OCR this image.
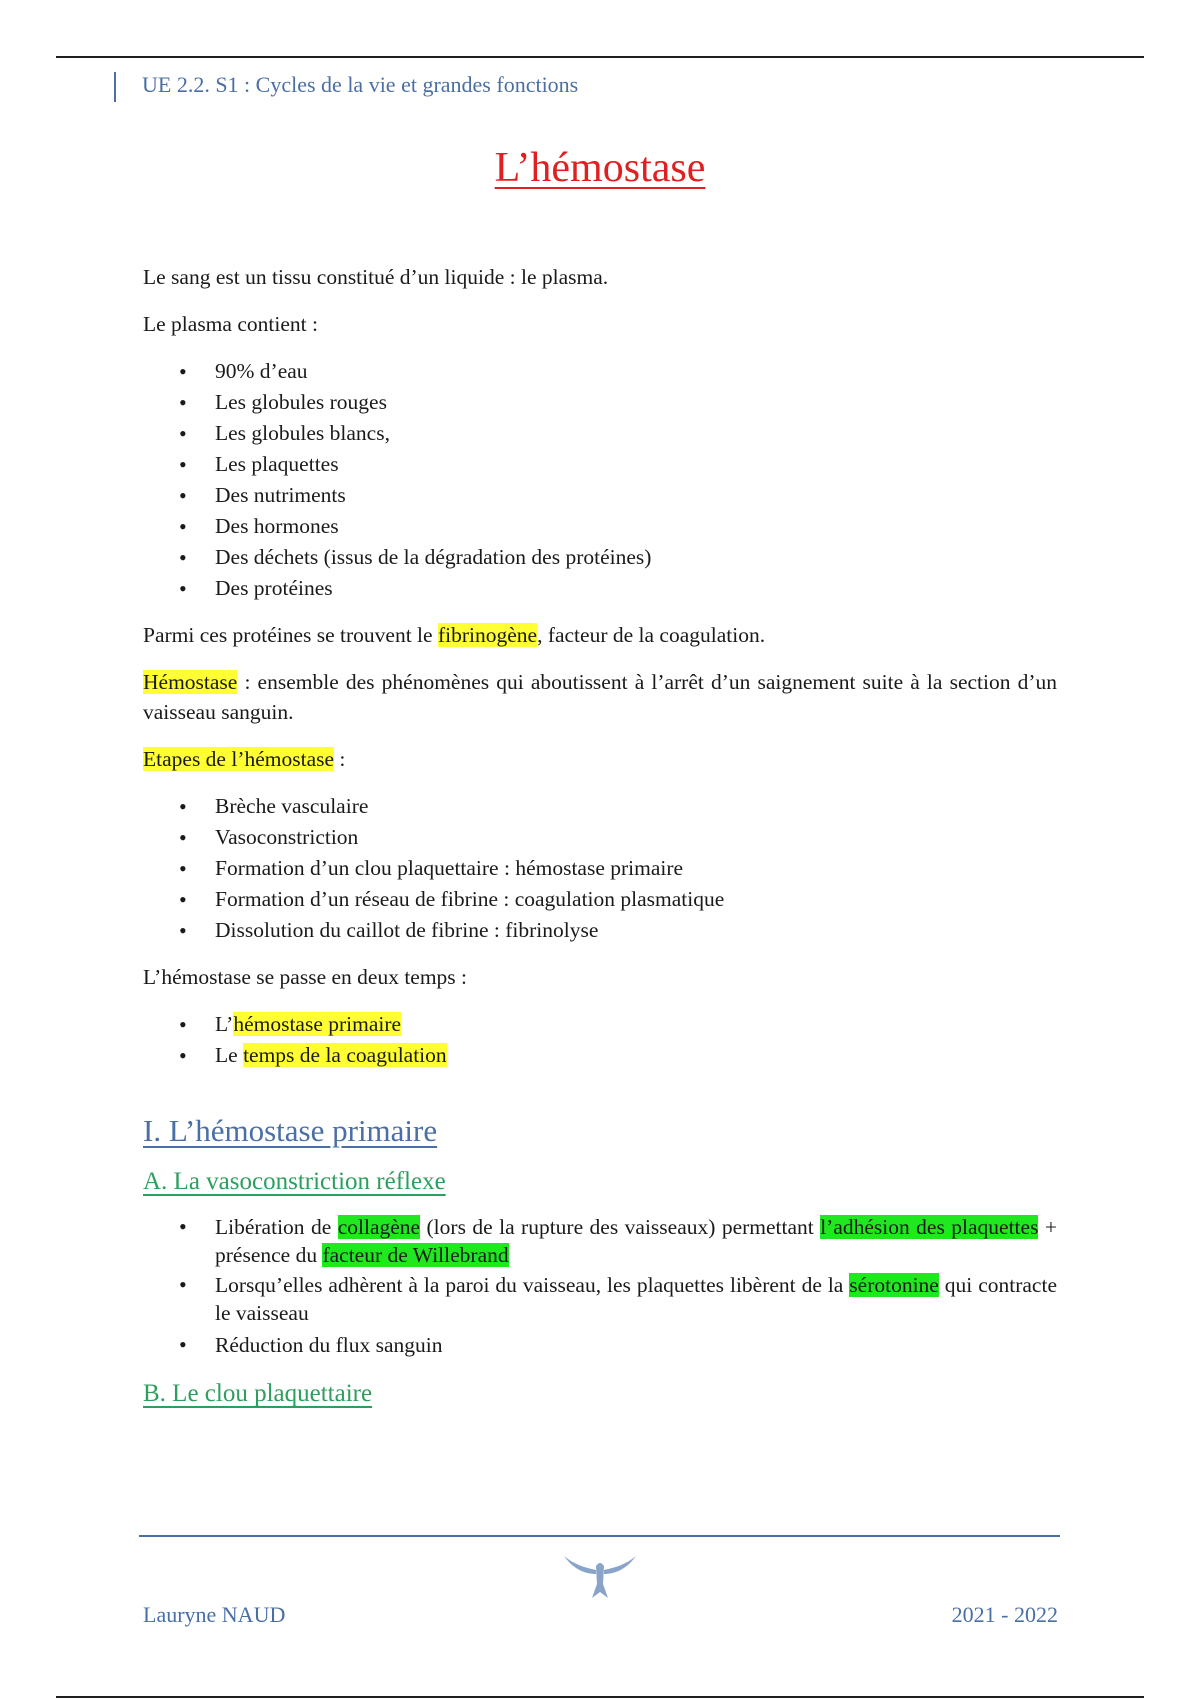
UE 2.2. S1 : Cycles de la vie et grandes fonctions
L’hémostase

Le sang est un tissu constitué d’un liquide : le plasma.

Le plasma contient :

• 90% d’eau
• Les globules rouges
• Les globules blancs,
• Les plaquettes
• Des nutriments
• Des hormones
• Des déchets (issus de la dégradation des protéines)
• Des protéines

Parmi ces protéines se trouvent le fibrinogène, facteur de la coagulation.

Hémostase : ensemble des phénomènes qui aboutissent à l’arrêt d’un saignement suite à la section d’un vaisseau sanguin.

Etapes de l’hémostase :

• Brèche vasculaire
• Vasoconstriction
• Formation d’un clou plaquettaire : hémostase primaire
• Formation d’un réseau de fibrine : coagulation plasmatique
• Dissolution du caillot de fibrine : fibrinolyse

L’hémostase se passe en deux temps :

• L’hémostase primaire
• Le temps de la coagulation
I. L’hémostase primaire
A. La vasoconstriction réflexe
• Libération de collagène (lors de la rupture des vaisseaux) permettant l’adhésion des plaquettes + présence du facteur de Willebrand
• Lorsqu’elles adhèrent à la paroi du vaisseau, les plaquettes libèrent de la sérotonine qui contracte le vaisseau
• Réduction du flux sanguin
B. Le clou plaquettaire
Lauryne NAUD	2021 - 2022
